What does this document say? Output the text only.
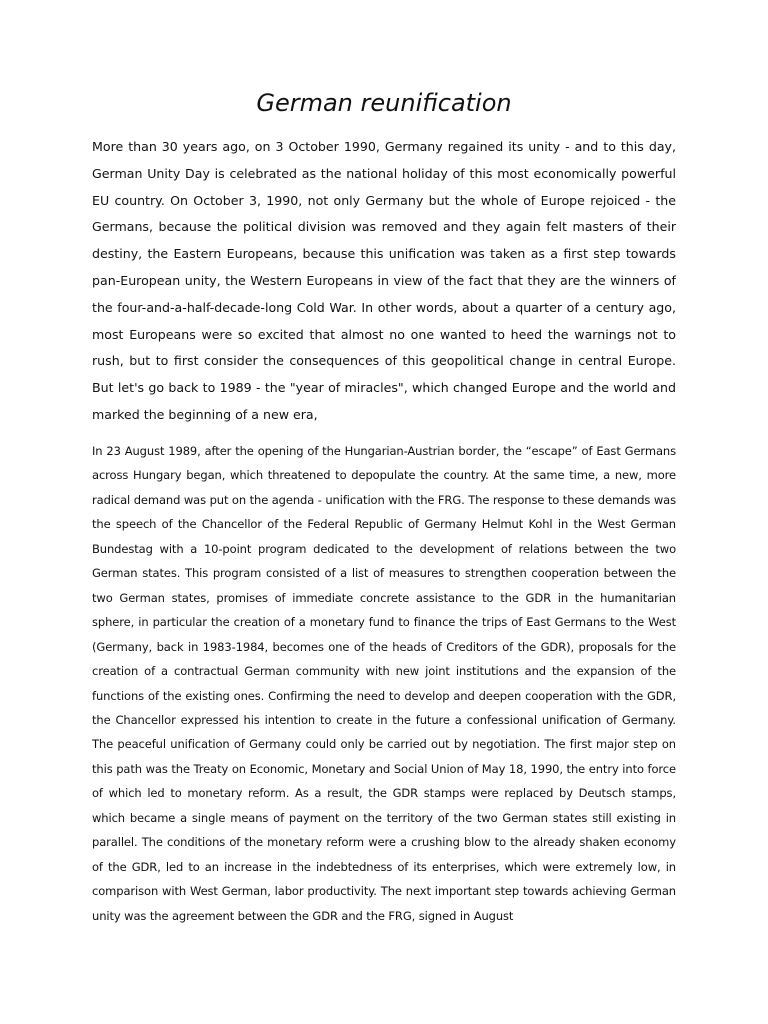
German reunification

More than 30 years ago, on 3 October 1990, Germany regained its unity - and to this day, German Unity Day is celebrated as the national holiday of this most economically powerful EU country. On October 3, 1990, not only Germany but the whole of Europe rejoiced - the Germans, because the political division was removed and they again felt masters of their destiny, the Eastern Europeans, because this unification was taken as a first step towards pan-European unity, the Western Europeans in view of the fact that they are the winners of the four-and-a-half-decade-long Cold War. In other words, about a quarter of a century ago, most Europeans were so excited that almost no one wanted to heed the warnings not to rush, but to first consider the consequences of this geopolitical change in central Europe. But let's go back to 1989 - the "year of miracles", which changed Europe and the world and marked the beginning of a new era,

In 23 August 1989, after the opening of the Hungarian-Austrian border, the “escape” of East Germans across Hungary began, which threatened to depopulate the country. At the same time, a new, more radical demand was put on the agenda - unification with the FRG. The response to these demands was the speech of the Chancellor of the Federal Republic of Germany Helmut Kohl in the West German Bundestag with a 10-point program dedicated to the development of relations between the two German states. This program consisted of a list of measures to strengthen cooperation between the two German states, promises of immediate concrete assistance to the GDR in the humanitarian sphere, in particular the creation of a monetary fund to finance the trips of East Germans to the West (Germany, back in 1983-1984, becomes one of the heads of Creditors of the GDR), proposals for the creation of a contractual German community with new joint institutions and the expansion of the functions of the existing ones. Confirming the need to develop and deepen cooperation with the GDR, the Chancellor expressed his intention to create in the future a confessional unification of Germany. The peaceful unification of Germany could only be carried out by negotiation. The first major step on this path was the Treaty on Economic, Monetary and Social Union of May 18, 1990, the entry into force of which led to monetary reform. As a result, the GDR stamps were replaced by Deutsch stamps, which became a single means of payment on the territory of the two German states still existing in parallel. The conditions of the monetary reform were a crushing blow to the already shaken economy of the GDR, led to an increase in the indebtedness of its enterprises, which were extremely low, in comparison with West German, labor productivity. The next important step towards achieving German unity was the agreement between the GDR and the FRG, signed in August
